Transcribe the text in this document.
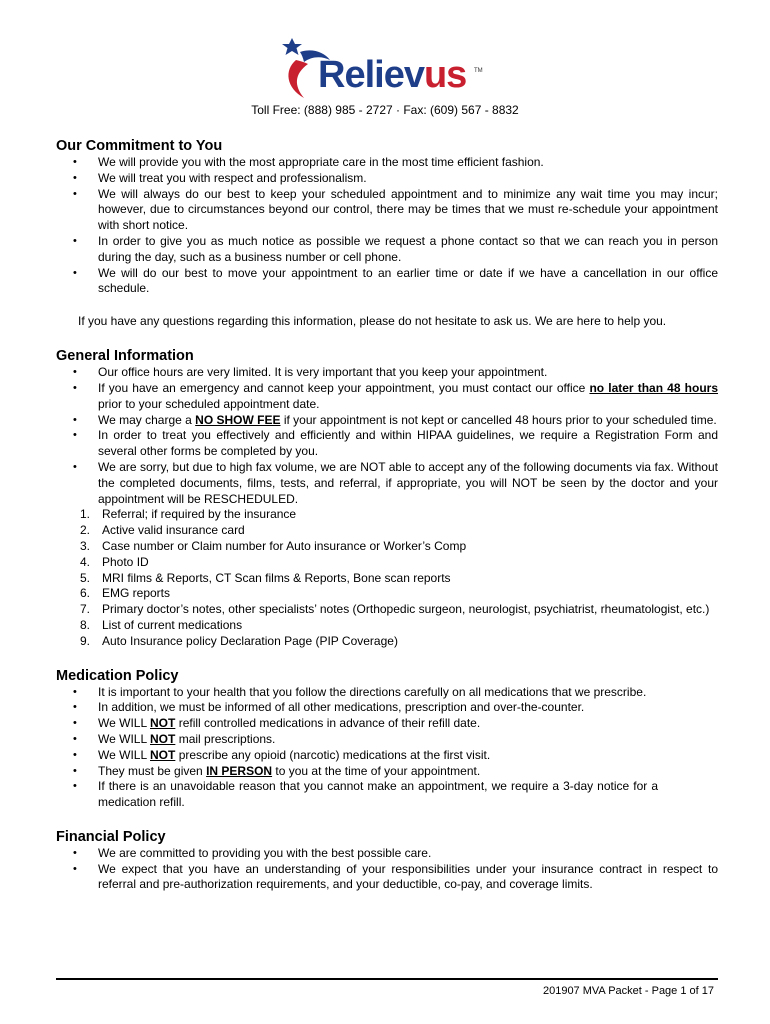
Relievus TM
Toll Free: (888) 985 - 2727 · Fax: (609) 567 - 8832
Our Commitment to You
• We will provide you with the most appropriate care in the most time efficient fashion.
• We will treat you with respect and professionalism.
• We will always do our best to keep your scheduled appointment and to minimize any wait time you may incur; however, due to circumstances beyond our control, there may be times that we must re-schedule your appointment with short notice.
• In order to give you as much notice as possible we request a phone contact so that we can reach you in person during the day, such as a business number or cell phone.
• We will do our best to move your appointment to an earlier time or date if we have a cancellation in our office schedule.

If you have any questions regarding this information, please do not hesitate to ask us. We are here to help you.

General Information
• Our office hours are very limited. It is very important that you keep your appointment.
• If you have an emergency and cannot keep your appointment, you must contact our office no later than 48 hours prior to your scheduled appointment date.
• We may charge a NO SHOW FEE if your appointment is not kept or cancelled 48 hours prior to your scheduled time.
• In order to treat you effectively and efficiently and within HIPAA guidelines, we require a Registration Form and several other forms be completed by you.
• We are sorry, but due to high fax volume, we are NOT able to accept any of the following documents via fax. Without the completed documents, films, tests, and referral, if appropriate, you will NOT be seen by the doctor and your appointment will be RESCHEDULED.
1. Referral; if required by the insurance
2. Active valid insurance card
3. Case number or Claim number for Auto insurance or Worker’s Comp
4. Photo ID
5. MRI films & Reports, CT Scan films & Reports, Bone scan reports
6. EMG reports
7. Primary doctor’s notes, other specialists’ notes (Orthopedic surgeon, neurologist, psychiatrist, rheumatologist, etc.)
8. List of current medications
9. Auto Insurance policy Declaration Page (PIP Coverage)
Medication Policy
• It is important to your health that you follow the directions carefully on all medications that we prescribe.
• In addition, we must be informed of all other medications, prescription and over-the-counter.
• We WILL NOT refill controlled medications in advance of their refill date.
• We WILL NOT mail prescriptions.
• We WILL NOT prescribe any opioid (narcotic) medications at the first visit.
• They must be given IN PERSON to you at the time of your appointment.
• If there is an unavoidable reason that you cannot make an appointment, we require a 3-day notice for a medication refill.
Financial Policy
• We are committed to providing you with the best possible care.
• We expect that you have an understanding of your responsibilities under your insurance contract in respect to referral and pre-authorization requirements, and your deductible, co-pay, and coverage limits.
201907 MVA Packet - Page 1 of 17
